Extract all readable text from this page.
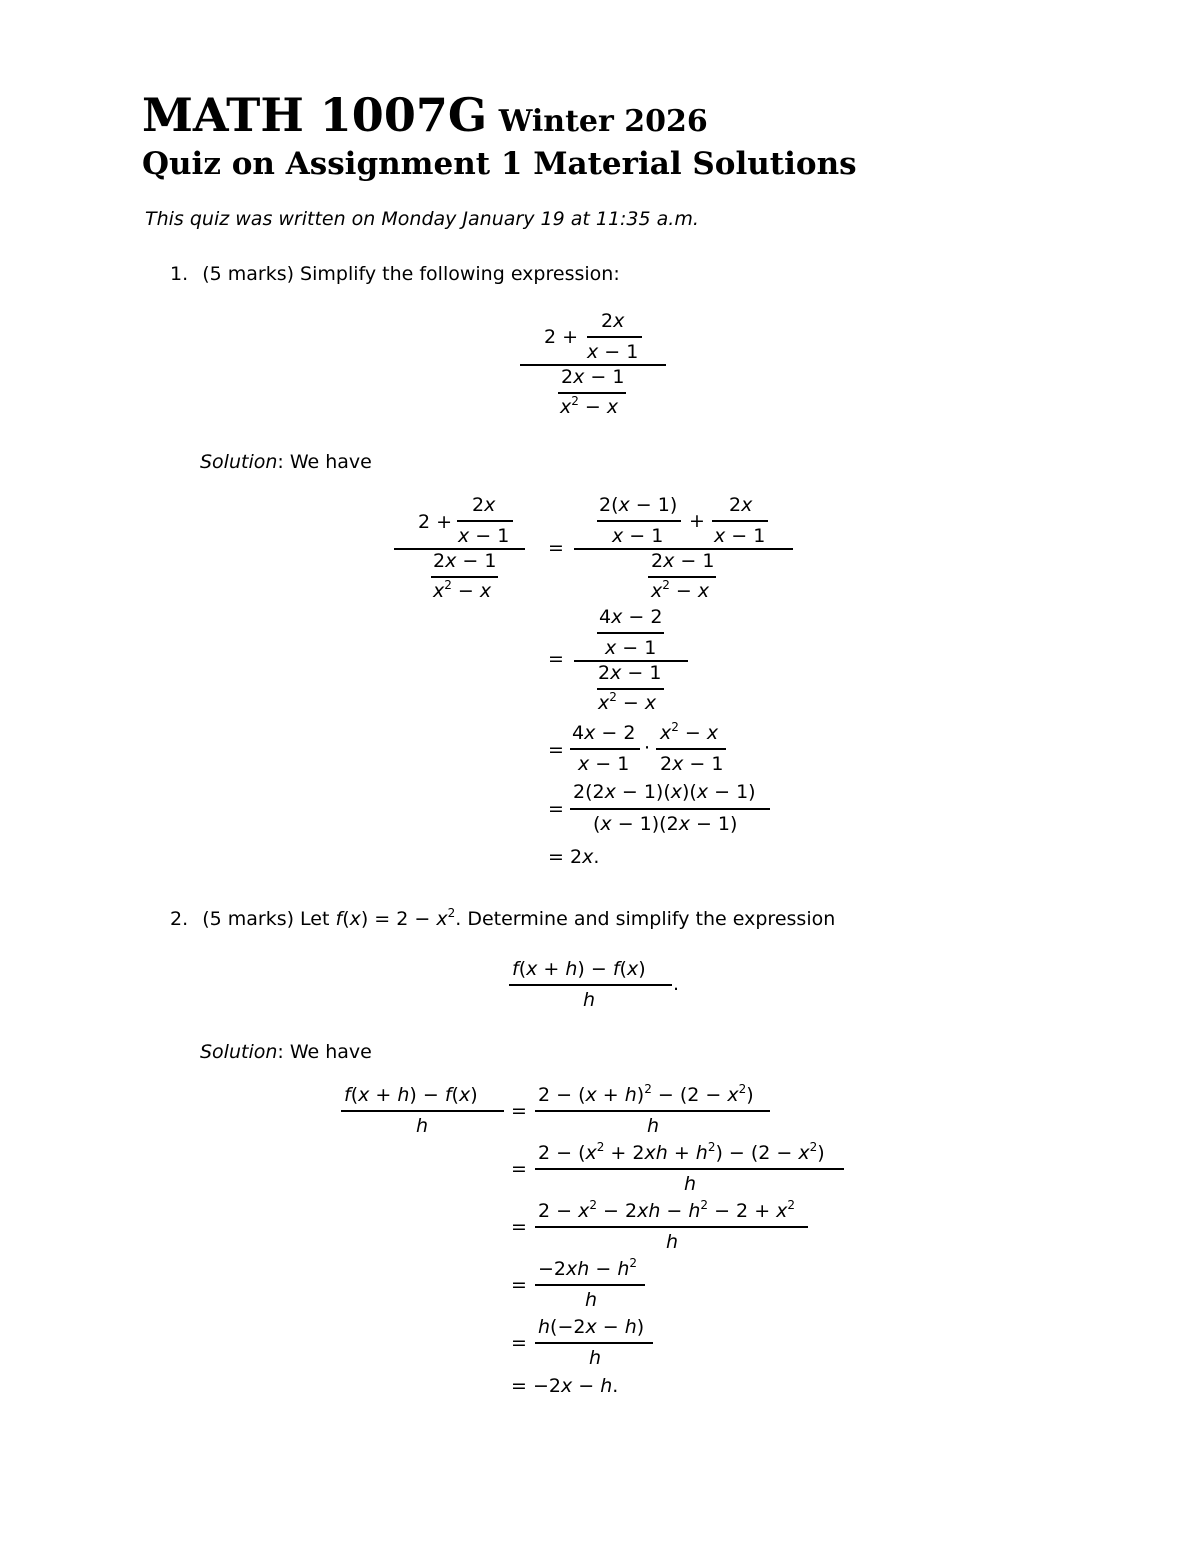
MATH 1007G Winter 2026
Quiz on Assignment 1 Material Solutions
This quiz was written on Monday January 19 at 11:35 a.m.
1. (5 marks) Simplify the following expression:
2 +
2x
x − 1
2x − 1
$x^2 - x$
Solution: We have
2 +
2x
x − 1
2x − 1
$x^2 - x$
=
2(x − 1)
x − 1
+
2x
x − 1
2x − 1
$x^2 - x$
=
4x − 2
x − 1
2x − 1
$x^2 - x$
=
4x − 2
x − 1
·
$x^2 - x$
2x − 1
=
2(2x − 1)(x)(x − 1)
(x − 1)(2x − 1)
= 2x.
2. (5 marks) Let $f(x) = 2 - x^2$. Determine and simplify the expression
f(x + h) − f(x)
h
.
Solution: We have
f(x + h) − f(x)
h
=
$2 - (x + h)^2 - (2 - x^2)$
h
=
$2 - (x^2 + 2xh + h^2) - (2 - x^2)$
h
=
$2 - x^2 - 2xh - h^2 - 2 + x^2$
h
=
$-2xh - h^2$
h
=
h(−2x − h)
h
= −2x − h.
